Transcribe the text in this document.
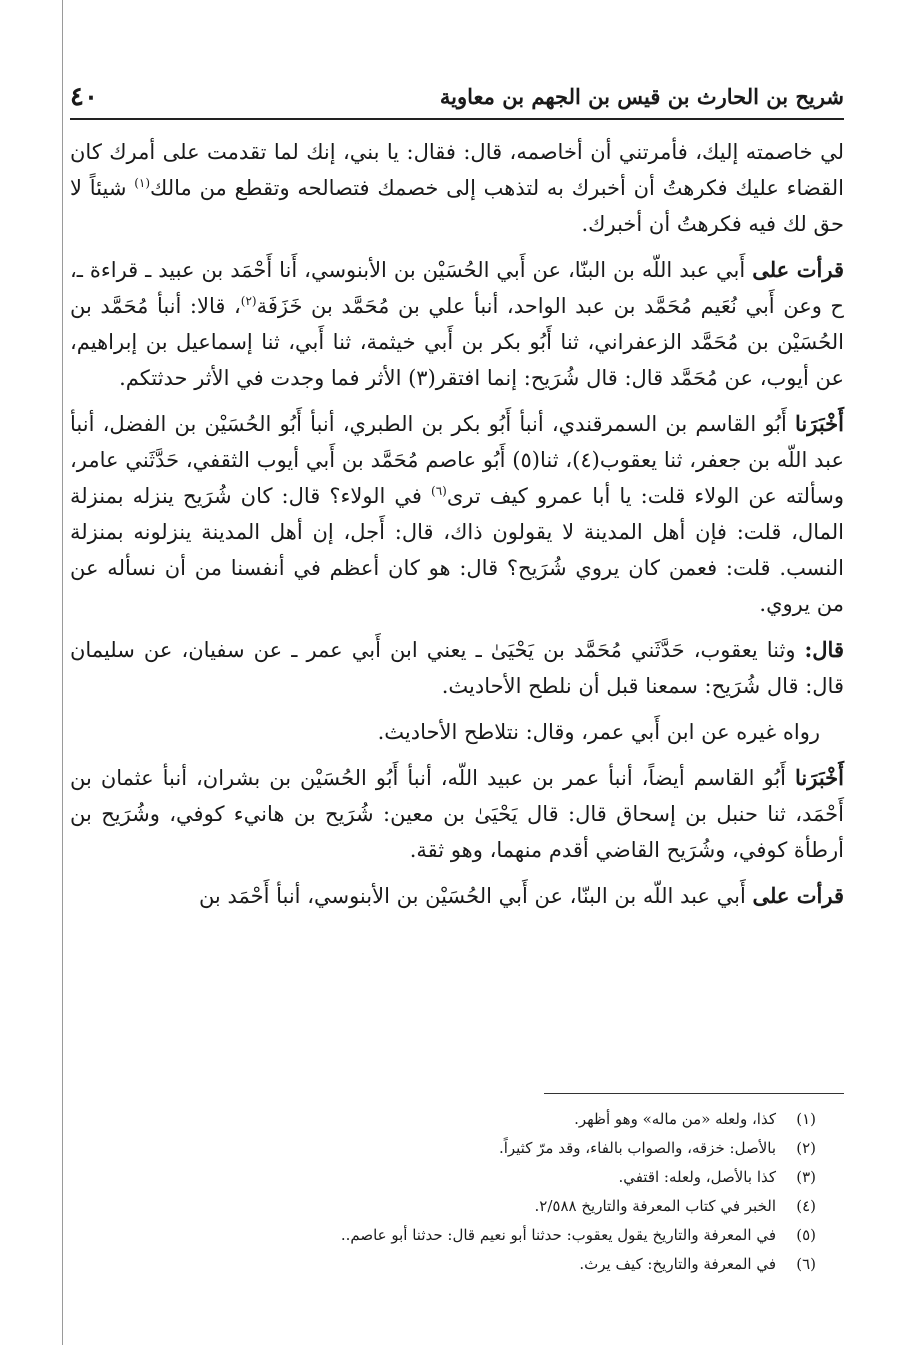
شريح بن الحارث بن قيس بن الجهم بن معاوية
٤٠

لي خاصمته إليك، فأمرتني أن أخاصمه، قال: فقال: يا بني، إنك لما تقدمت على أمرك كان القضاء عليك فكرهتُ أن أخبرك به لتذهب إلى خصمك فتصالحه وتقطع من مالك$^{(١)}$ شيئاً لا حق لك فيه فكرهتُ أن أخبرك.

قرأت على أَبي عبد اللّه بن البنّا، عن أَبي الحُسَيْن بن الأبنوسي، أَنا أَحْمَد بن عبيد ـ قراءة ـ، ح وعن أَبي نُعَيم مُحَمَّد بن عبد الواحد، أنبأ علي بن مُحَمَّد بن خَزَفَة$^{(٢)}$، قالا: أنبأ مُحَمَّد بن الحُسَيْن بن مُحَمَّد الزعفراني، ثنا أَبُو بكر بن أَبي خيثمة، ثنا أَبي، ثنا إسماعيل بن إبراهيم، عن أيوب، عن مُحَمَّد قال: قال شُرَيح: إنما افتقر(٣) الأثر فما وجدت في الأثر حدثتكم.

أَخْبَرَنا أَبُو القاسم بن السمرقندي، أنبأ أَبُو بكر بن الطبري، أنبأ أَبُو الحُسَيْن بن الفضل، أنبأ عبد اللّه بن جعفر، ثنا يعقوب(٤)، ثنا(٥) أَبُو عاصم مُحَمَّد بن أَبي أيوب الثقفي، حَدَّثَني عامر، وسألته عن الولاء قلت: يا أبا عمرو كيف ترى$^{(٦)}$ في الولاء؟ قال: كان شُرَيح ينزله بمنزلة المال، قلت: فإن أهل المدينة لا يقولون ذاك، قال: أَجل، إن أهل المدينة ينزلونه بمنزلة النسب. قلت: فعمن كان يروي شُرَيح؟ قال: هو كان أعظم في أنفسنا من أن نسأله عن من يروي.

قال: وثنا يعقوب، حَدَّثَني مُحَمَّد بن يَحْيَىٰ ـ يعني ابن أَبي عمر ـ عن سفيان، عن سليمان قال: قال شُرَيح: سمعنا قبل أن نلطح الأحاديث.

رواه غيره عن ابن أَبي عمر، وقال: نتلاطح الأحاديث.

أَخْبَرَنا أَبُو القاسم أيضاً، أنبأ عمر بن عبيد اللّه، أنبأ أَبُو الحُسَيْن بن بشران، أنبأ عثمان بن أَحْمَد، ثنا حنبل بن إسحاق قال: قال يَحْيَىٰ بن معين: شُرَيح بن هانيء كوفي، وشُرَيح بن أرطأة كوفي، وشُرَيح القاضي أقدم منهما، وهو ثقة.

قرأت على أَبي عبد اللّه بن البنّا، عن أَبي الحُسَيْن بن الأبنوسي، أنبأ أَحْمَد بن

(١)كذا، ولعله «من ماله» وهو أظهر.
(٢)بالأصل: خزقه، والصواب بالفاء، وقد مرّ كثيراً.
(٣)كذا بالأصل، ولعله: اقتفي.
(٤)الخبر في كتاب المعرفة والتاريخ ٢/٥٨٨.
(٥)في المعرفة والتاريخ يقول يعقوب: حدثنا أبو نعيم قال: حدثنا أبو عاصم..
(٦)في المعرفة والتاريخ: كيف يرث.
